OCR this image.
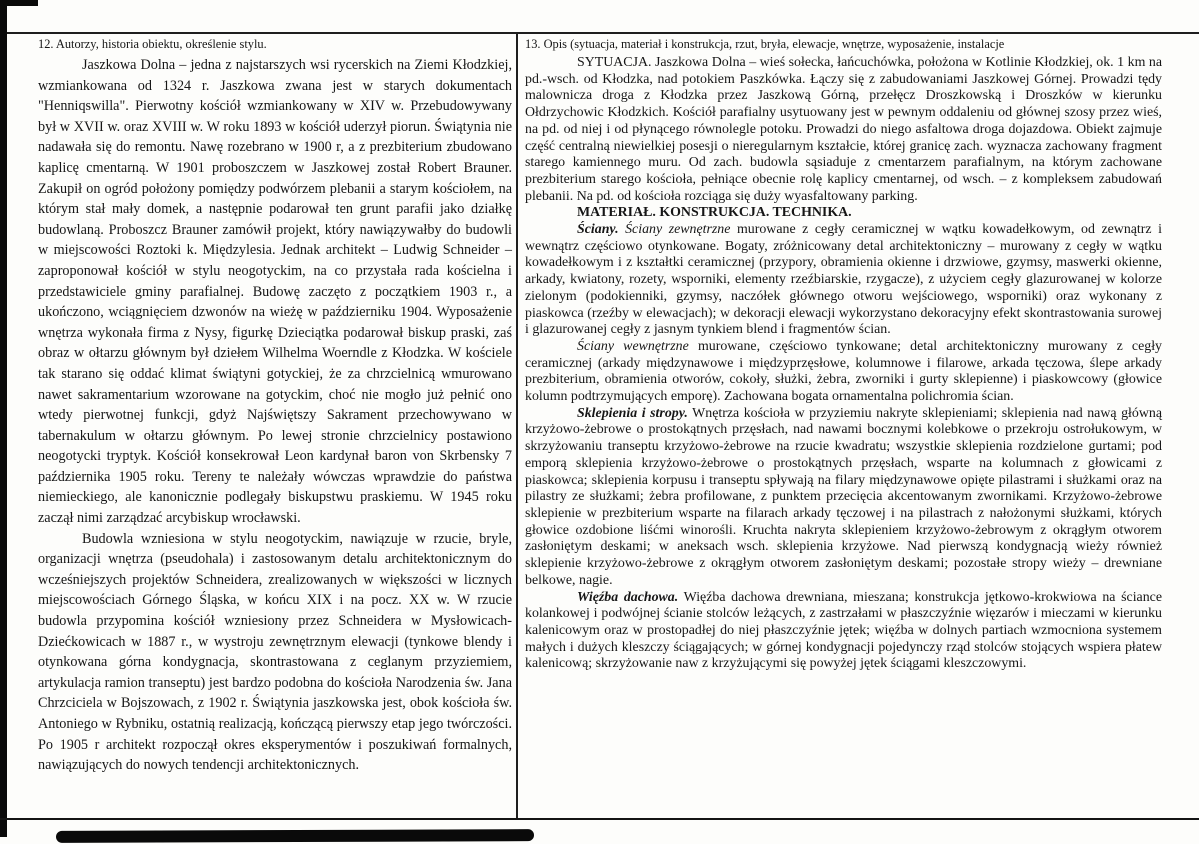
12. Autorzy, historia obiektu, określenie stylu.

Jaszkowa Dolna – jedna z najstarszych wsi rycerskich na Ziemi Kłodzkiej, wzmiankowana od 1324 r. Jaszkowa zwana jest w starych dokumentach "Henniqswilla". Pierwotny kościół wzmiankowany w XIV w. Przebudowywany był w XVII w. oraz XVIII w. W roku 1893 w kościół uderzył piorun. Świątynia nie nadawała się do remontu. Nawę rozebrano w 1900 r, a z prezbiterium zbudowano kaplicę cmentarną. W 1901 proboszczem w Jaszkowej został Robert Brauner. Zakupił on ogród położony pomiędzy podwórzem plebanii a starym kościołem, na którym stał mały domek, a następnie podarował ten grunt parafii jako działkę budowlaną. Proboszcz Brauner zamówił projekt, który nawiązywałby do budowli w miejscowości Roztoki k. Międzylesia. Jednak architekt – Ludwig Schneider – zaproponował kościół w stylu neogotyckim, na co przystała rada kościelna i przedstawiciele gminy parafialnej. Budowę zaczęto z początkiem 1903 r., a ukończono, wciągnięciem dzwonów na wieżę w październiku 1904. Wyposażenie wnętrza wykonała firma z Nysy, figurkę Dzieciątka podarował biskup praski, zaś obraz w ołtarzu głównym był dziełem Wilhelma Woerndle z Kłodzka. W kościele tak starano się oddać klimat świątyni gotyckiej, że za chrzcielnicą wmurowano nawet sakramentarium wzorowane na gotyckim, choć nie mogło już pełnić ono wtedy pierwotnej funkcji, gdyż Najświętszy Sakrament przechowywano w tabernakulum w ołtarzu głównym. Po lewej stronie chrzcielnicy postawiono neogotycki tryptyk. Kościół konsekrował Leon kardynał baron von Skrbensky 7 października 1905 roku. Tereny te należały wówczas wprawdzie do państwa niemieckiego, ale kanonicznie podlegały biskupstwu praskiemu. W 1945 roku zaczął nimi zarządzać arcybiskup wrocławski.

Budowla wzniesiona w stylu neogotyckim, nawiązuje w rzucie, bryle, organizacji wnętrza (pseudohala) i zastosowanym detalu architektonicznym do wcześniejszych projektów Schneidera, zrealizowanych w większości w licznych miejscowościach Górnego Śląska, w końcu XIX i na pocz. XX w. W rzucie budowla przypomina kościół wzniesiony przez Schneidera w Mysłowicach-Dziećkowicach w 1887 r., w wystroju zewnętrznym elewacji (tynkowe blendy i otynkowana górna kondygnacja, skontrastowana z ceglanym przyziemiem, artykulacja ramion transeptu) jest bardzo podobna do kościoła Narodzenia św. Jana Chrzciciela w Bojszowach, z 1902 r. Świątynia jaszkowska jest, obok kościoła św. Antoniego w Rybniku, ostatnią realizacją, kończącą pierwszy etap jego twórczości. Po 1905 r architekt rozpoczął okres eksperymentów i poszukiwań formalnych, nawiązujących do nowych tendencji architektonicznych.

13. Opis (sytuacja, materiał i konstrukcja, rzut, bryła, elewacje, wnętrze, wyposażenie, instalacje

SYTUACJA. Jaszkowa Dolna – wieś sołecka, łańcuchówka, położona w Kotlinie Kłodzkiej, ok. 1 km na pd.-wsch. od Kłodzka, nad potokiem Paszkówka. Łączy się z zabudowaniami Jaszkowej Górnej. Prowadzi tędy malownicza droga z Kłodzka przez Jaszkową Górną, przełęcz Droszkowską i Droszków w kierunku Ołdrzychowic Kłodzkich. Kościół parafialny usytuowany jest w pewnym oddaleniu od głównej szosy przez wieś, na pd. od niej i od płynącego równolegle potoku. Prowadzi do niego asfaltowa droga dojazdowa. Obiekt zajmuje część centralną niewielkiej posesji o nieregularnym kształcie, której granicę zach. wyznacza zachowany fragment starego kamiennego muru. Od zach. budowla sąsiaduje z cmentarzem parafialnym, na którym zachowane prezbiterium starego kościoła, pełniące obecnie rolę kaplicy cmentarnej, od wsch. – z kompleksem zabudowań plebanii. Na pd. od kościoła rozciąga się duży wyasfaltowany parking.

MATERIAŁ. KONSTRUKCJA. TECHNIKA.

Ściany. Ściany zewnętrzne murowane z cegły ceramicznej w wątku kowadełkowym, od zewnątrz i wewnątrz częściowo otynkowane. Bogaty, zróżnicowany detal architektoniczny – murowany z cegły w wątku kowadełkowym i z kształtki ceramicznej (przypory, obramienia okienne i drzwiowe, gzymsy, maswerki okienne, arkady, kwiatony, rozety, wsporniki, elementy rzeźbiarskie, rzygacze), z użyciem cegły glazurowanej w kolorze zielonym (podokienniki, gzymsy, naczółek głównego otworu wejściowego, wsporniki) oraz wykonany z piaskowca (rzeźby w elewacjach); w dekoracji elewacji wykorzystano dekoracyjny efekt skontrastowania surowej i glazurowanej cegły z jasnym tynkiem blend i fragmentów ścian.

Ściany wewnętrzne murowane, częściowo tynkowane; detal architektoniczny murowany z cegły ceramicznej (arkady międzynawowe i międzyprzęsłowe, kolumnowe i filarowe, arkada tęczowa, ślepe arkady prezbiterium, obramienia otworów, cokoły, służki, żebra, zworniki i gurty sklepienne) i piaskowcowy (głowice kolumn podtrzymujących emporę). Zachowana bogata ornamentalna polichromia ścian.

Sklepienia i stropy. Wnętrza kościoła w przyziemiu nakryte sklepieniami; sklepienia nad nawą główną krzyżowo-żebrowe o prostokątnych przęsłach, nad nawami bocznymi kolebkowe o przekroju ostrołukowym, w skrzyżowaniu transeptu krzyżowo-żebrowe na rzucie kwadratu; wszystkie sklepienia rozdzielone gurtami; pod emporą sklepienia krzyżowo-żebrowe o prostokątnych przęsłach, wsparte na kolumnach z głowicami z piaskowca; sklepienia korpusu i transeptu spływają na filary międzynawowe opięte pilastrami i służkami oraz na pilastry ze służkami; żebra profilowane, z punktem przecięcia akcentowanym zwornikami. Krzyżowo-żebrowe sklepienie w prezbiterium wsparte na filarach arkady tęczowej i na pilastrach z nałożonymi służkami, których głowice ozdobione liśćmi winorośli. Kruchta nakryta sklepieniem krzyżowo-żebrowym z okrągłym otworem zasłoniętym deskami; w aneksach wsch. sklepienia krzyżowe. Nad pierwszą kondygnacją wieży również sklepienie krzyżowo-żebrowe z okrągłym otworem zasłoniętym deskami; pozostałe stropy wieży – drewniane belkowe, nagie.

Więźba dachowa. Więźba dachowa drewniana, mieszana; konstrukcja jętkowo-krokwiowa na ściance kolankowej i podwójnej ścianie stolców leżących, z zastrzałami w płaszczyźnie więzarów i mieczami w kierunku kalenicowym oraz w prostopadłej do niej płaszczyźnie jętek; więźba w dolnych partiach wzmocniona systemem małych i dużych kleszczy ściągających; w górnej kondygnacji pojedynczy rząd stolców stojących wspiera płatew kalenicową; skrzyżowanie naw z krzyżującymi się powyżej jętek ściągami kleszczowymi.
